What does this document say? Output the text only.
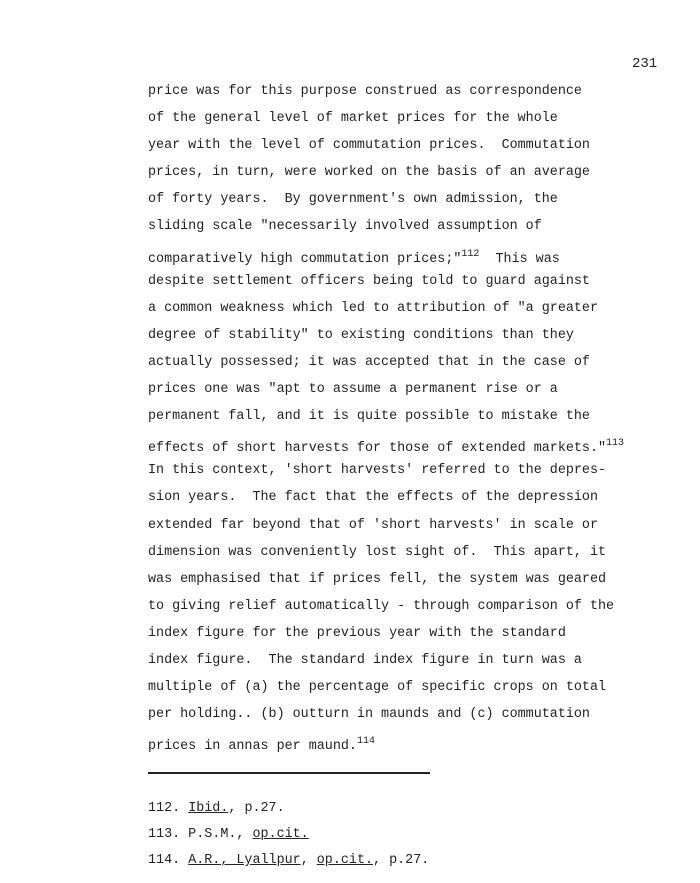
231
price was for this purpose construed as correspondence
of the general level of market prices for the whole
year with the level of commutation prices.  Commutation
prices, in turn, were worked on the basis of an average
of forty years.  By government's own admission, the
sliding scale "necessarily involved assumption of
comparatively high commutation prices;"$^{112}$  This was
despite settlement officers being told to guard against
a common weakness which led to attribution of "a greater
degree of stability" to existing conditions than they
actually possessed; it was accepted that in the case of
prices one was "apt to assume a permanent rise or a
permanent fall, and it is quite possible to mistake the
effects of short harvests for those of extended markets."$^{113}$
In this context, 'short harvests' referred to the depres-
sion years.  The fact that the effects of the depression
extended far beyond that of 'short harvests' in scale or
dimension was conveniently lost sight of.  This apart, it
was emphasised that if prices fell, the system was geared
to giving relief automatically - through comparison of the
index figure for the previous year with the standard
index figure.  The standard index figure in turn was a
multiple of (a) the percentage of specific crops on total
per holding.. (b) outturn in maunds and (c) commutation
prices in annas per maund.$^{114}$
112. Ibid., p.27.
113. P.S.M., op.cit.
114. A.R., Lyallpur, op.cit., p.27.
